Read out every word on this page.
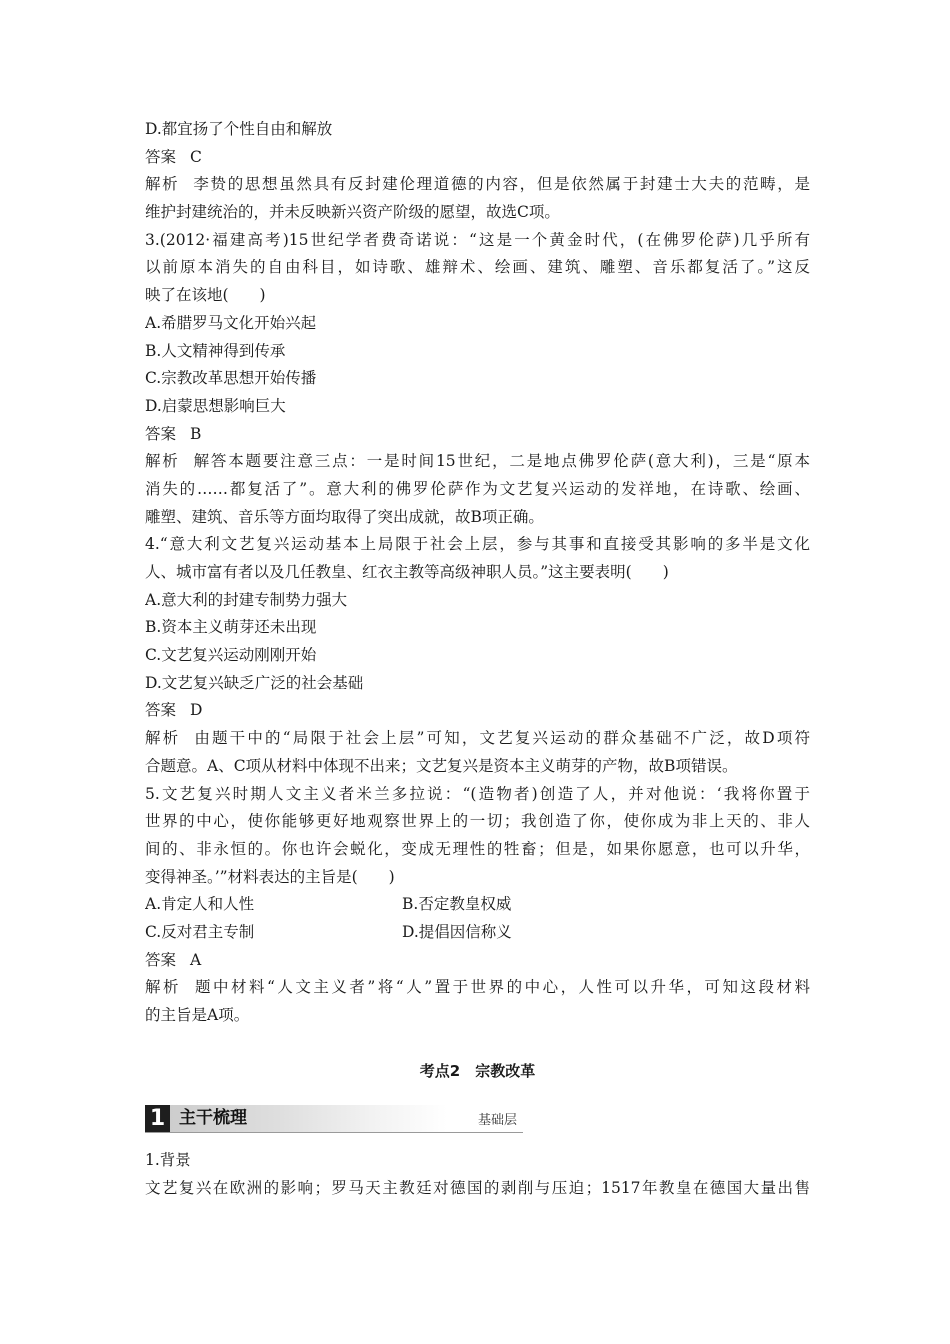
D.都宜扬了个性自由和解放
答案 C
解析 李贽的思想虽然具有反封建伦理道德的内容，但是依然属于封建士大夫的范畴，是
维护封建统治的，并未反映新兴资产阶级的愿望，故选C项。
3.(2012·福建高考)15世纪学者费奇诺说：“这是一个黄金时代，(在佛罗伦萨)几乎所有
以前原本消失的自由科目，如诗歌、雄辩术、绘画、建筑、雕塑、音乐都复活了。”这反
映了在该地(　　)
A.希腊罗马文化开始兴起
B.人文精神得到传承
C.宗教改革思想开始传播
D.启蒙思想影响巨大
答案 B
解析 解答本题要注意三点：一是时间15世纪，二是地点佛罗伦萨(意大利)，三是“原本
消失的……都复活了”。意大利的佛罗伦萨作为文艺复兴运动的发祥地，在诗歌、绘画、
雕塑、建筑、音乐等方面均取得了突出成就，故B项正确。
4.“意大利文艺复兴运动基本上局限于社会上层，参与其事和直接受其影响的多半是文化
人、城市富有者以及几任教皇、红衣主教等高级神职人员。”这主要表明(　　)
A.意大利的封建专制势力强大
B.资本主义萌芽还未出现
C.文艺复兴运动刚刚开始
D.文艺复兴缺乏广泛的社会基础
答案 D
解析 由题干中的“局限于社会上层”可知，文艺复兴运动的群众基础不广泛，故D项符
合题意。A、C项从材料中体现不出来；文艺复兴是资本主义萌芽的产物，故B项错误。
5.文艺复兴时期人文主义者米兰多拉说：“(造物者)创造了人，并对他说：‘我将你置于
世界的中心，使你能够更好地观察世界上的一切；我创造了你，使你成为非上天的、非人
间的、非永恒的。你也许会蜕化，变成无理性的牲畜；但是，如果你愿意，也可以升华，
变得神圣。’”材料表达的主旨是(　　)
A.肯定人和人性	B.否定教皇权威
C.反对君主专制	D.提倡因信称义
答案 A
解析 题中材料“人文主义者”将“人”置于世界的中心，人性可以升华，可知这段材料
的主旨是A项。
考点2　宗教改革
1 主干梳理	基础层
1.背景
文艺复兴在欧洲的影响；罗马天主教廷对德国的剥削与压迫；1517年教皇在德国大量出售
